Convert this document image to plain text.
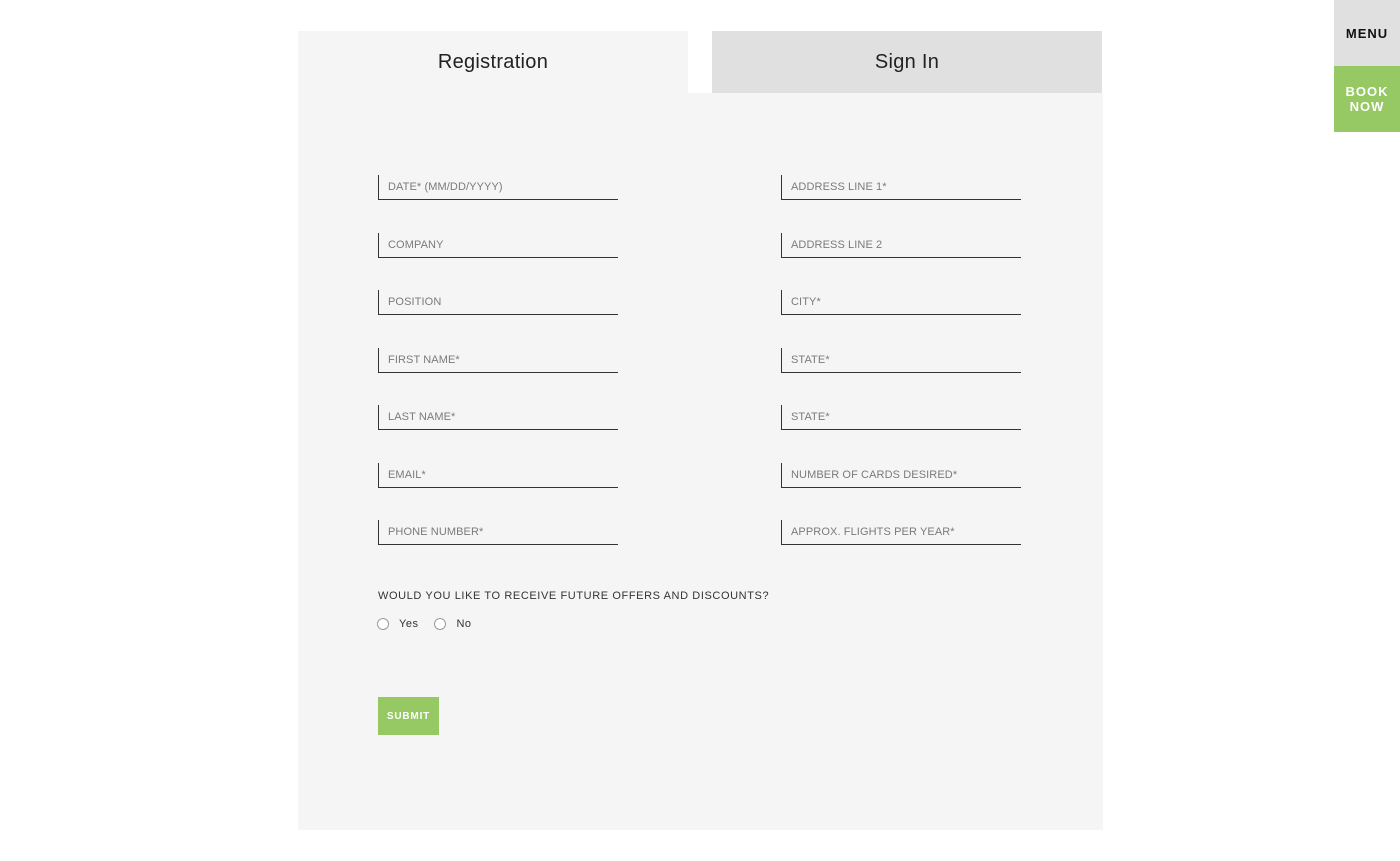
Registration	Sign In
DATE* (MM/DD/YYYY)
COMPANY
POSITION
FIRST NAME*
LAST NAME*
EMAIL*
PHONE NUMBER*
ADDRESS LINE 1*
ADDRESS LINE 2
CITY*
STATE*
STATE*
NUMBER OF CARDS DESIRED*
APPROX. FLIGHTS PER YEAR*
WOULD YOU LIKE TO RECEIVE FUTURE OFFERS AND DISCOUNTS?
Yes	No
SUBMIT
MENU
BOOK
NOW
